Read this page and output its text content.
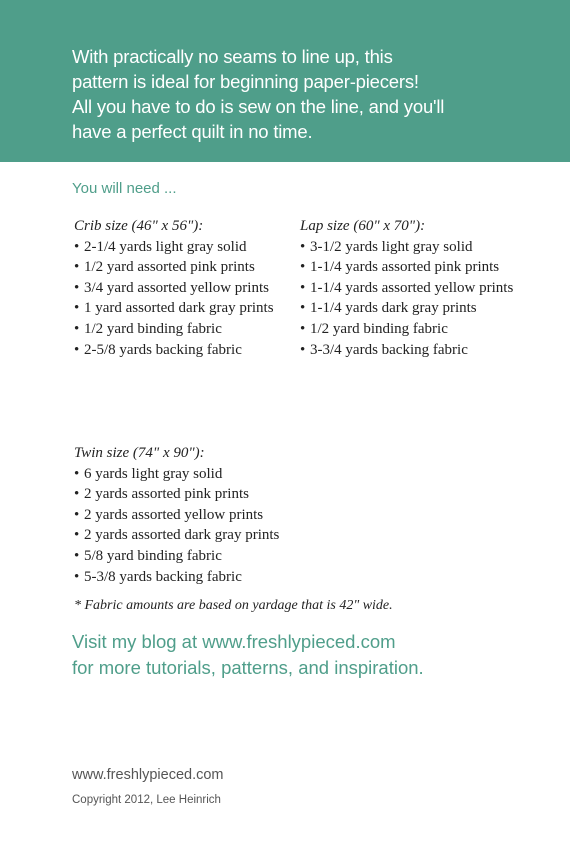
With practically no seams to line up, this
pattern is ideal for beginning paper-piecers!
All you have to do is sew on the line, and you'll
have a perfect quilt in no time.
You will need ...
Crib size (46" x 56"):
• 2-1/4 yards light gray solid
• 1/2 yard assorted pink prints
• 3/4 yard assorted yellow prints
• 1 yard assorted dark gray prints
• 1/2 yard binding fabric
• 2-5/8 yards backing fabric
Lap size (60" x 70"):
• 3-1/2 yards light gray solid
• 1-1/4 yards assorted pink prints
• 1-1/4 yards assorted yellow prints
• 1-1/4 yards dark gray prints
• 1/2 yard binding fabric
• 3-3/4 yards backing fabric
Twin size (74" x 90"):
• 6 yards light gray solid
• 2 yards assorted pink prints
• 2 yards assorted yellow prints
• 2 yards assorted dark gray prints
• 5/8 yard binding fabric
• 5-3/8 yards backing fabric
* Fabric amounts are based on yardage that is 42" wide.
Visit my blog at www.freshlypieced.com
for more tutorials, patterns, and inspiration.
www.freshlypieced.com
Copyright 2012, Lee Heinrich
